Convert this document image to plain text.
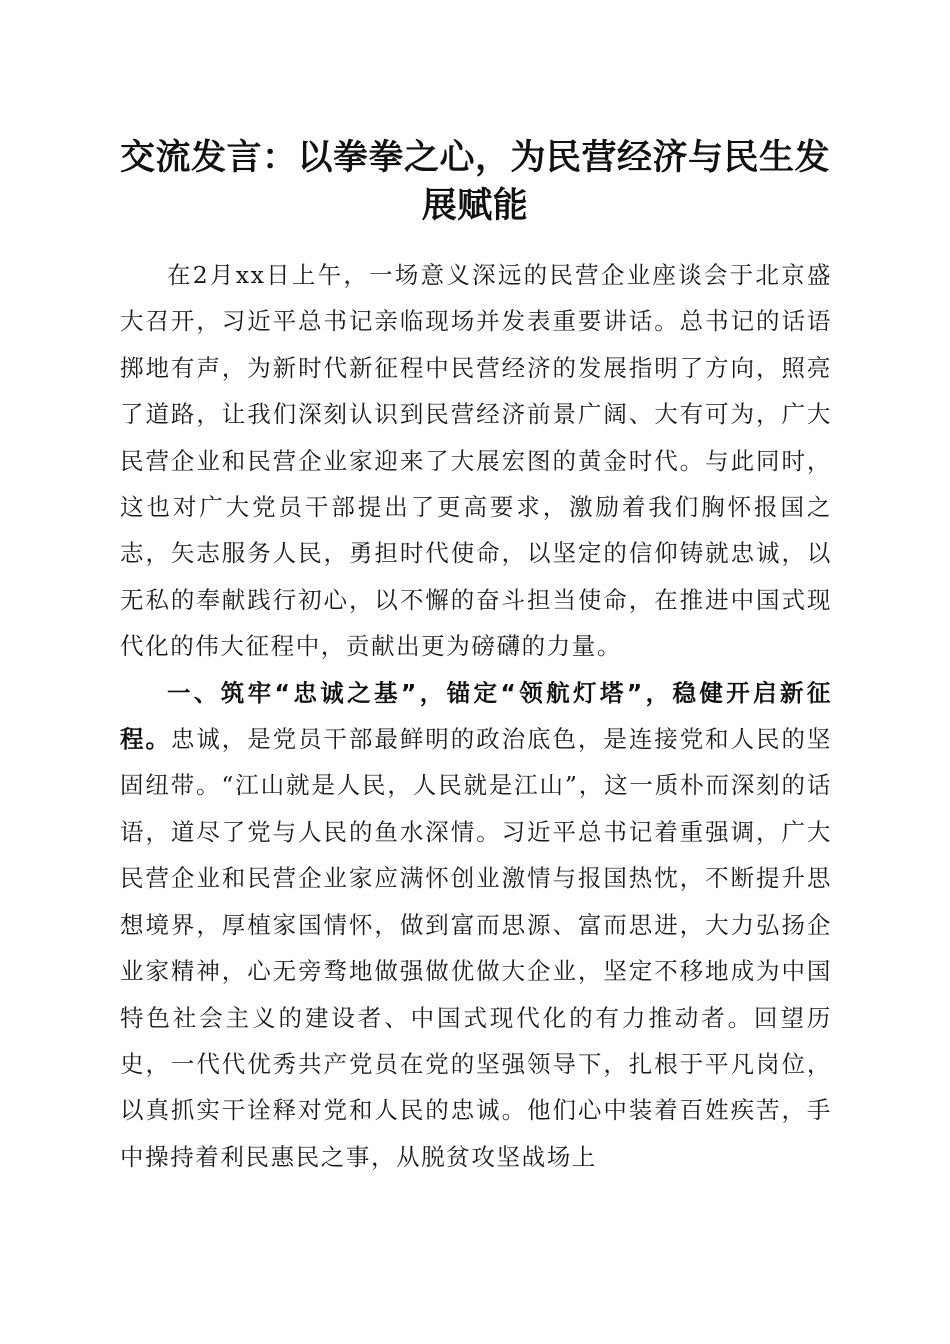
交流发言：以拳拳之心，为民营经济与民生发展赋能

在2月xx日上午，一场意义深远的民营企业座谈会于北京盛大召开，习近平总书记亲临现场并发表重要讲话。总书记的话语掷地有声，为新时代新征程中民营经济的发展指明了方向，照亮了道路，让我们深刻认识到民营经济前景广阔、大有可为，广大民营企业和民营企业家迎来了大展宏图的黄金时代。与此同时，这也对广大党员干部提出了更高要求，激励着我们胸怀报国之志，矢志服务人民，勇担时代使命，以坚定的信仰铸就忠诚，以无私的奉献践行初心，以不懈的奋斗担当使命，在推进中国式现代化的伟大征程中，贡献出更为磅礴的力量。

一、筑牢“忠诚之基”，锚定“领航灯塔”，稳健开启新征程。忠诚，是党员干部最鲜明的政治底色，是连接党和人民的坚固纽带。“江山就是人民，人民就是江山”，这一质朴而深刻的话语，道尽了党与人民的鱼水深情。习近平总书记着重强调，广大民营企业和民营企业家应满怀创业激情与报国热忱，不断提升思想境界，厚植家国情怀，做到富而思源、富而思进，大力弘扬企业家精神，心无旁骛地做强做优做大企业，坚定不移地成为中国特色社会主义的建设者、中国式现代化的有力推动者。回望历史，一代代优秀共产党员在党的坚强领导下，扎根于平凡岗位，以真抓实干诠释对党和人民的忠诚。他们心中装着百姓疾苦，手中操持着利民惠民之事，从脱贫攻坚战场上
